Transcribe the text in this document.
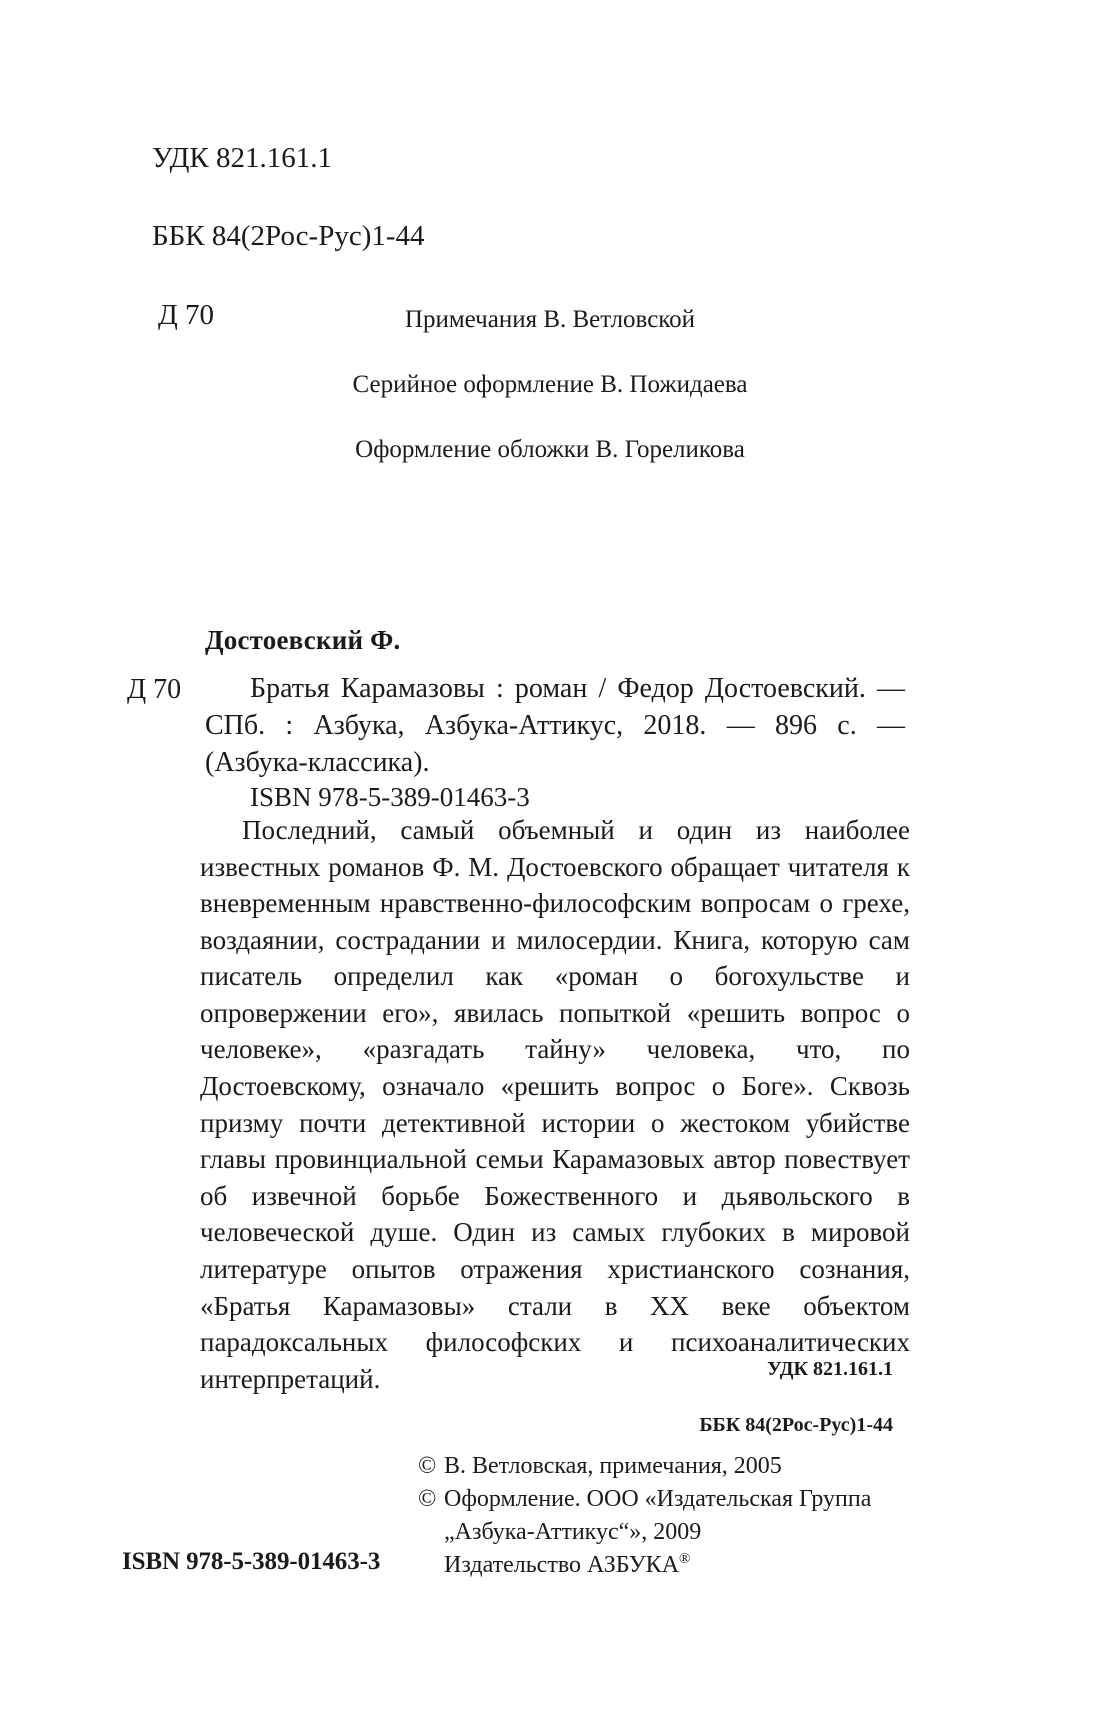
УДК 821.161.1

ББК 84(2Рос-Рус)1-44

Д 70

	Примечания В. Ветловской
Серийное оформление В. Пожидаева
Оформление обложки В. Гореликова
Достоевский Ф.
Д 70	Братья Карамазовы : роман / Федор Достоевский. — СПб. : Азбука, Азбука-Аттикус, 2018. — 896 с. — (Азбука-классика).
ISBN 978-5-389-01463-3
Последний, самый объемный и один из наиболее известных романов Ф. М. Достоевского обращает читателя к вневременным нравственно-философским вопросам о грехе, воздаянии, сострадании и милосердии. Книга, которую сам писатель определил как «роман о богохульстве и опровержении его», явилась попыткой «решить вопрос о человеке», «разгадать тайну» человека, что, по Достоевскому, означало «решить вопрос о Боге». Сквозь призму почти детективной истории о жестоком убийстве главы провинциальной семьи Карамазовых автор повествует об извечной борьбе Божественного и дьявольского в человеческой душе. Один из самых глубоких в мировой литературе опытов отражения христианского сознания, «Братья Карамазовы» стали в XX веке объектом парадоксальных философских и психоаналитических интерпретаций.	УДК 821.161.1

ББК 84(2Рос-Рус)1-44

© В. Ветловская, примечания, 2005
© Оформление. ООО «Издательская Группа
„Азбука-Аттикус“», 2009
Издательство АЗБУКА®
ISBN 978-5-389-01463-3
